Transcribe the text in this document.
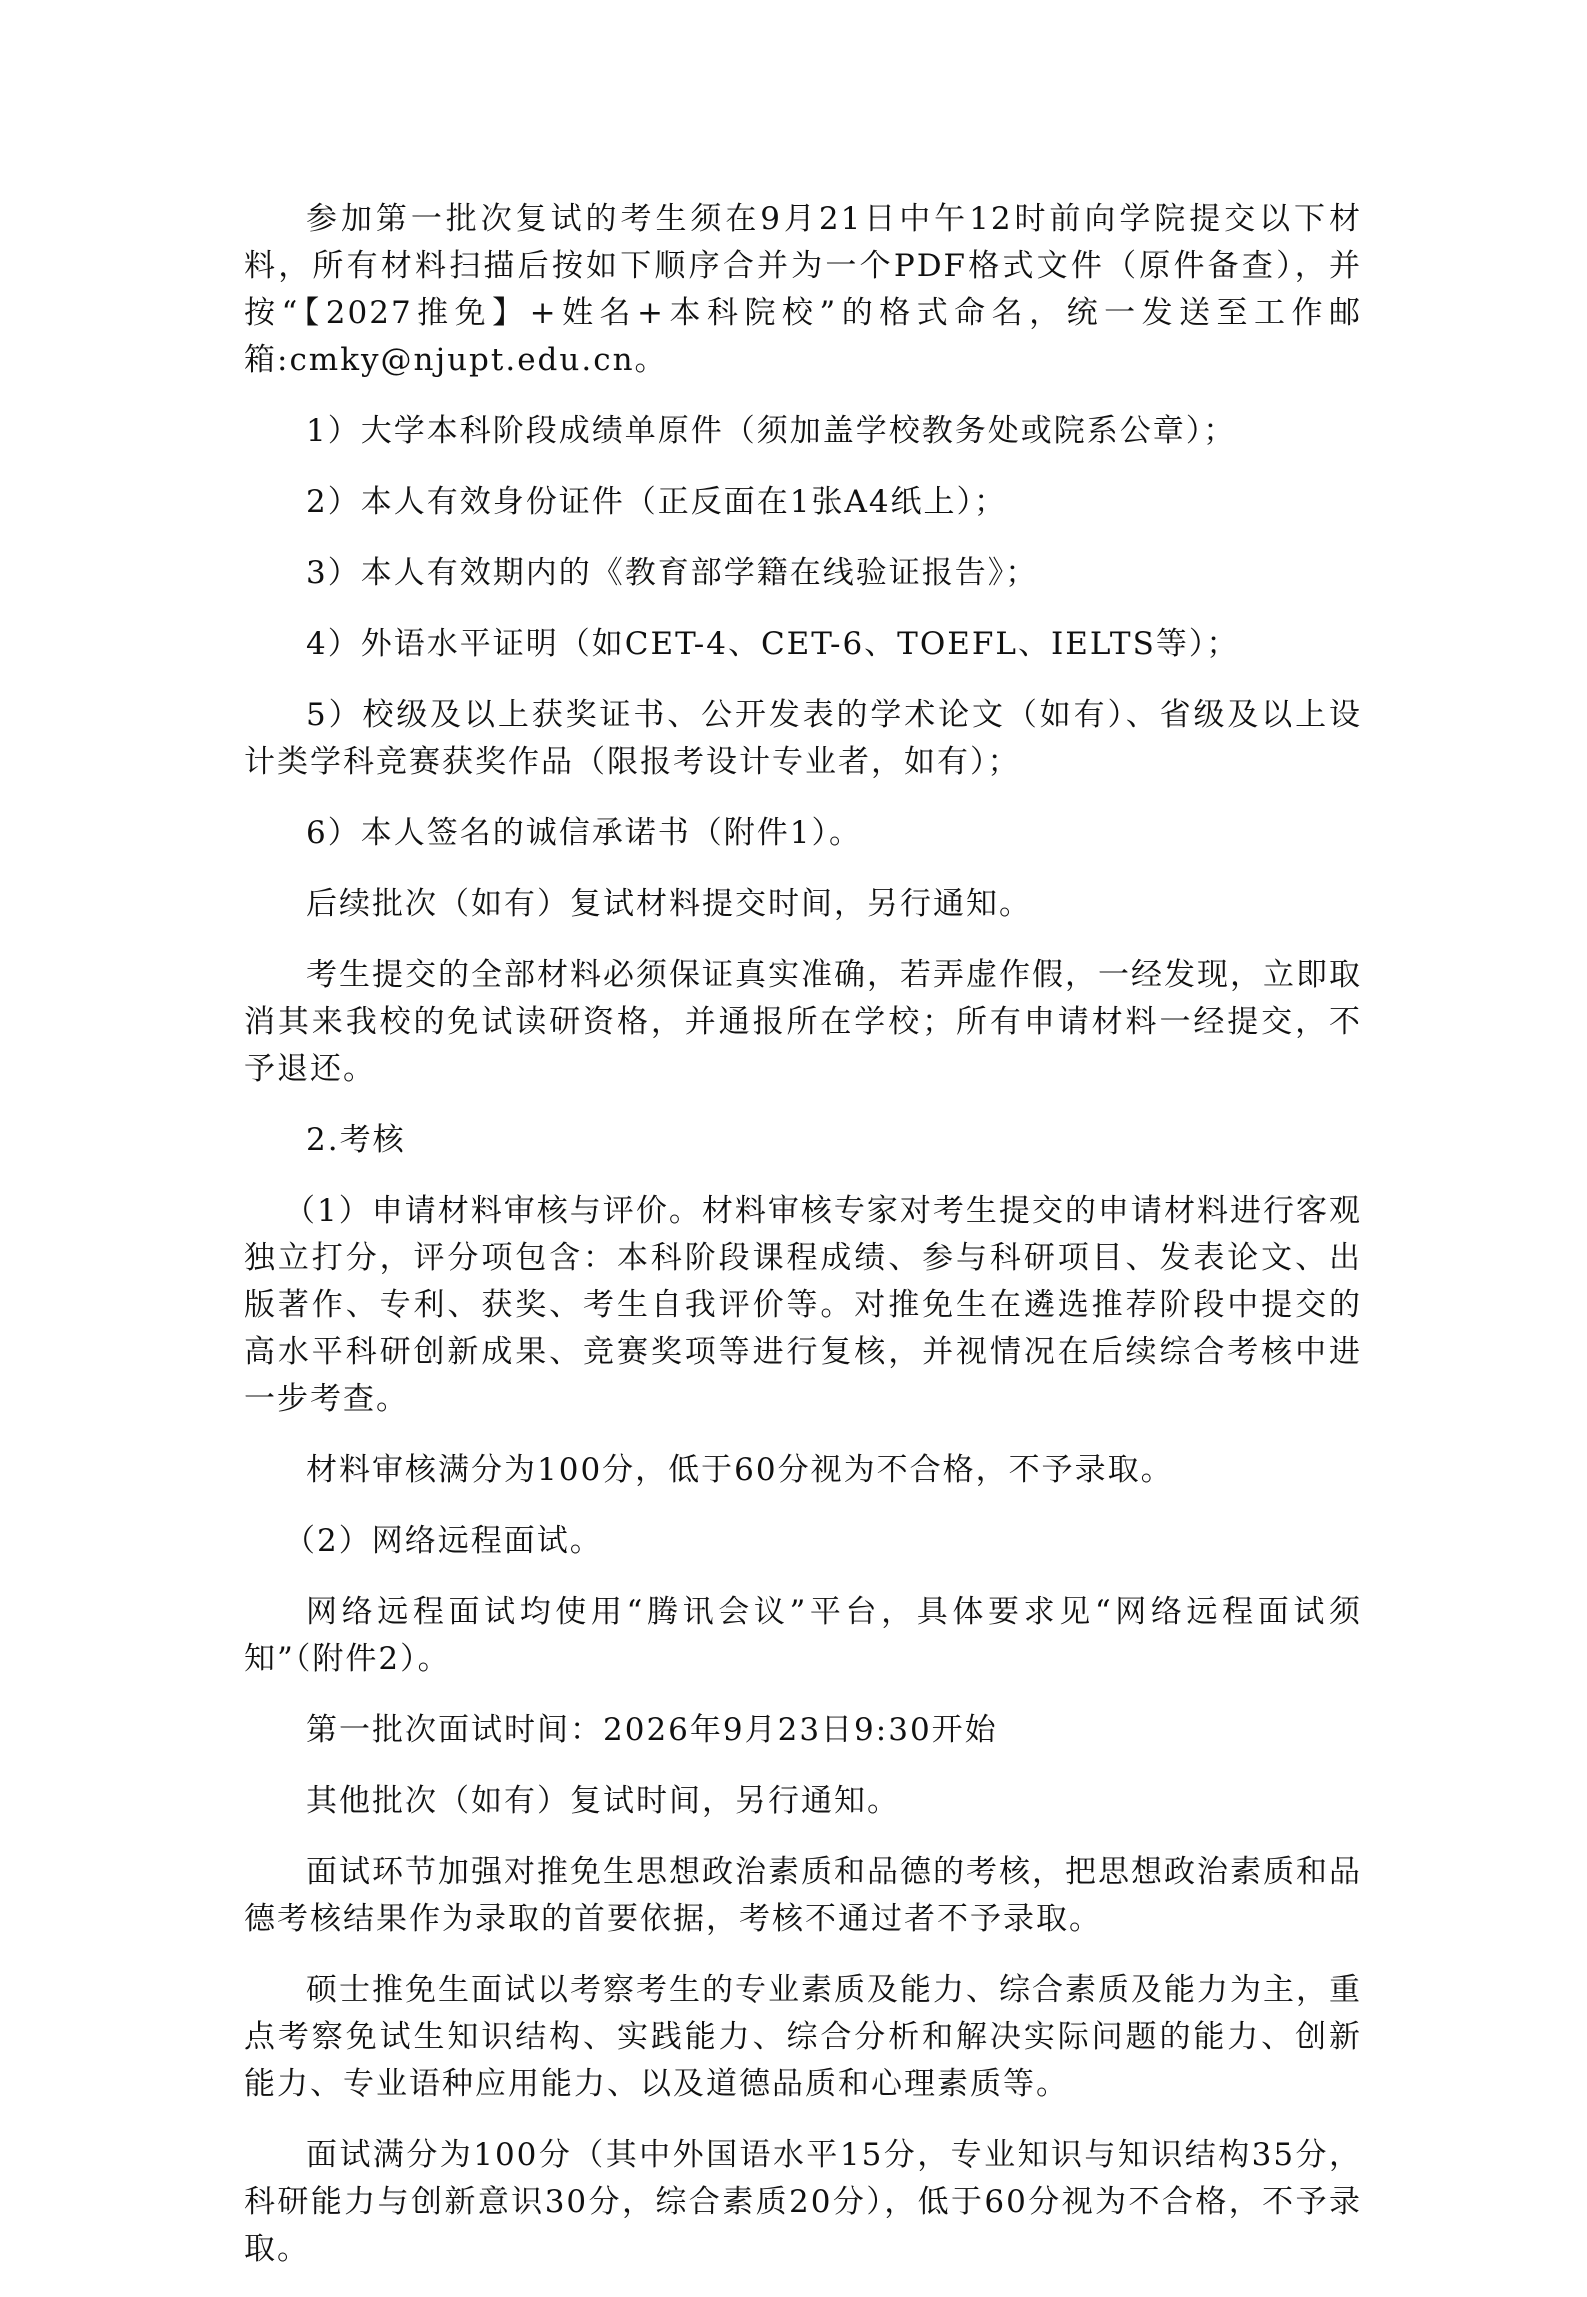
参加第一批次复试的考生须在9月21日中午12时前向学院提交以下材料，所有材料扫描后按如下顺序合并为一个PDF格式文件（原件备查），并按“【2027推免】+姓名+本科院校”的格式命名，统一发送至工作邮箱:cmky@njupt.edu.cn。

1）大学本科阶段成绩单原件（须加盖学校教务处或院系公章）；

2）本人有效身份证件（正反面在1张A4纸上）；

3）本人有效期内的《教育部学籍在线验证报告》；

4）外语水平证明（如CET-4、CET-6、TOEFL、IELTS等）；

5）校级及以上获奖证书、公开发表的学术论文（如有）、省级及以上设计类学科竞赛获奖作品（限报考设计专业者，如有）；

6）本人签名的诚信承诺书（附件1）。

后续批次（如有）复试材料提交时间，另行通知。

考生提交的全部材料必须保证真实准确，若弄虚作假，一经发现，立即取消其来我校的免试读研资格，并通报所在学校；所有申请材料一经提交，不予退还。

2.考核

（1）申请材料审核与评价。材料审核专家对考生提交的申请材料进行客观独立打分，评分项包含：本科阶段课程成绩、参与科研项目、发表论文、出版著作、专利、获奖、考生自我评价等。对推免生在遴选推荐阶段中提交的高水平科研创新成果、竞赛奖项等进行复核，并视情况在后续综合考核中进一步考查。

材料审核满分为100分，低于60分视为不合格，不予录取。

（2）网络远程面试。

网络远程面试均使用“腾讯会议”平台，具体要求见“网络远程面试须知”（附件2）。

第一批次面试时间：2026年9月23日9:30开始

其他批次（如有）复试时间，另行通知。

面试环节加强对推免生思想政治素质和品德的考核，把思想政治素质和品德考核结果作为录取的首要依据，考核不通过者不予录取。

硕士推免生面试以考察考生的专业素质及能力、综合素质及能力为主，重点考察免试生知识结构、实践能力、综合分析和解决实际问题的能力、创新能力、专业语种应用能力、以及道德品质和心理素质等。

面试满分为100分（其中外国语水平15分，专业知识与知识结构35分，科研能力与创新意识30分，综合素质20分），低于60分视为不合格，不予录取。
